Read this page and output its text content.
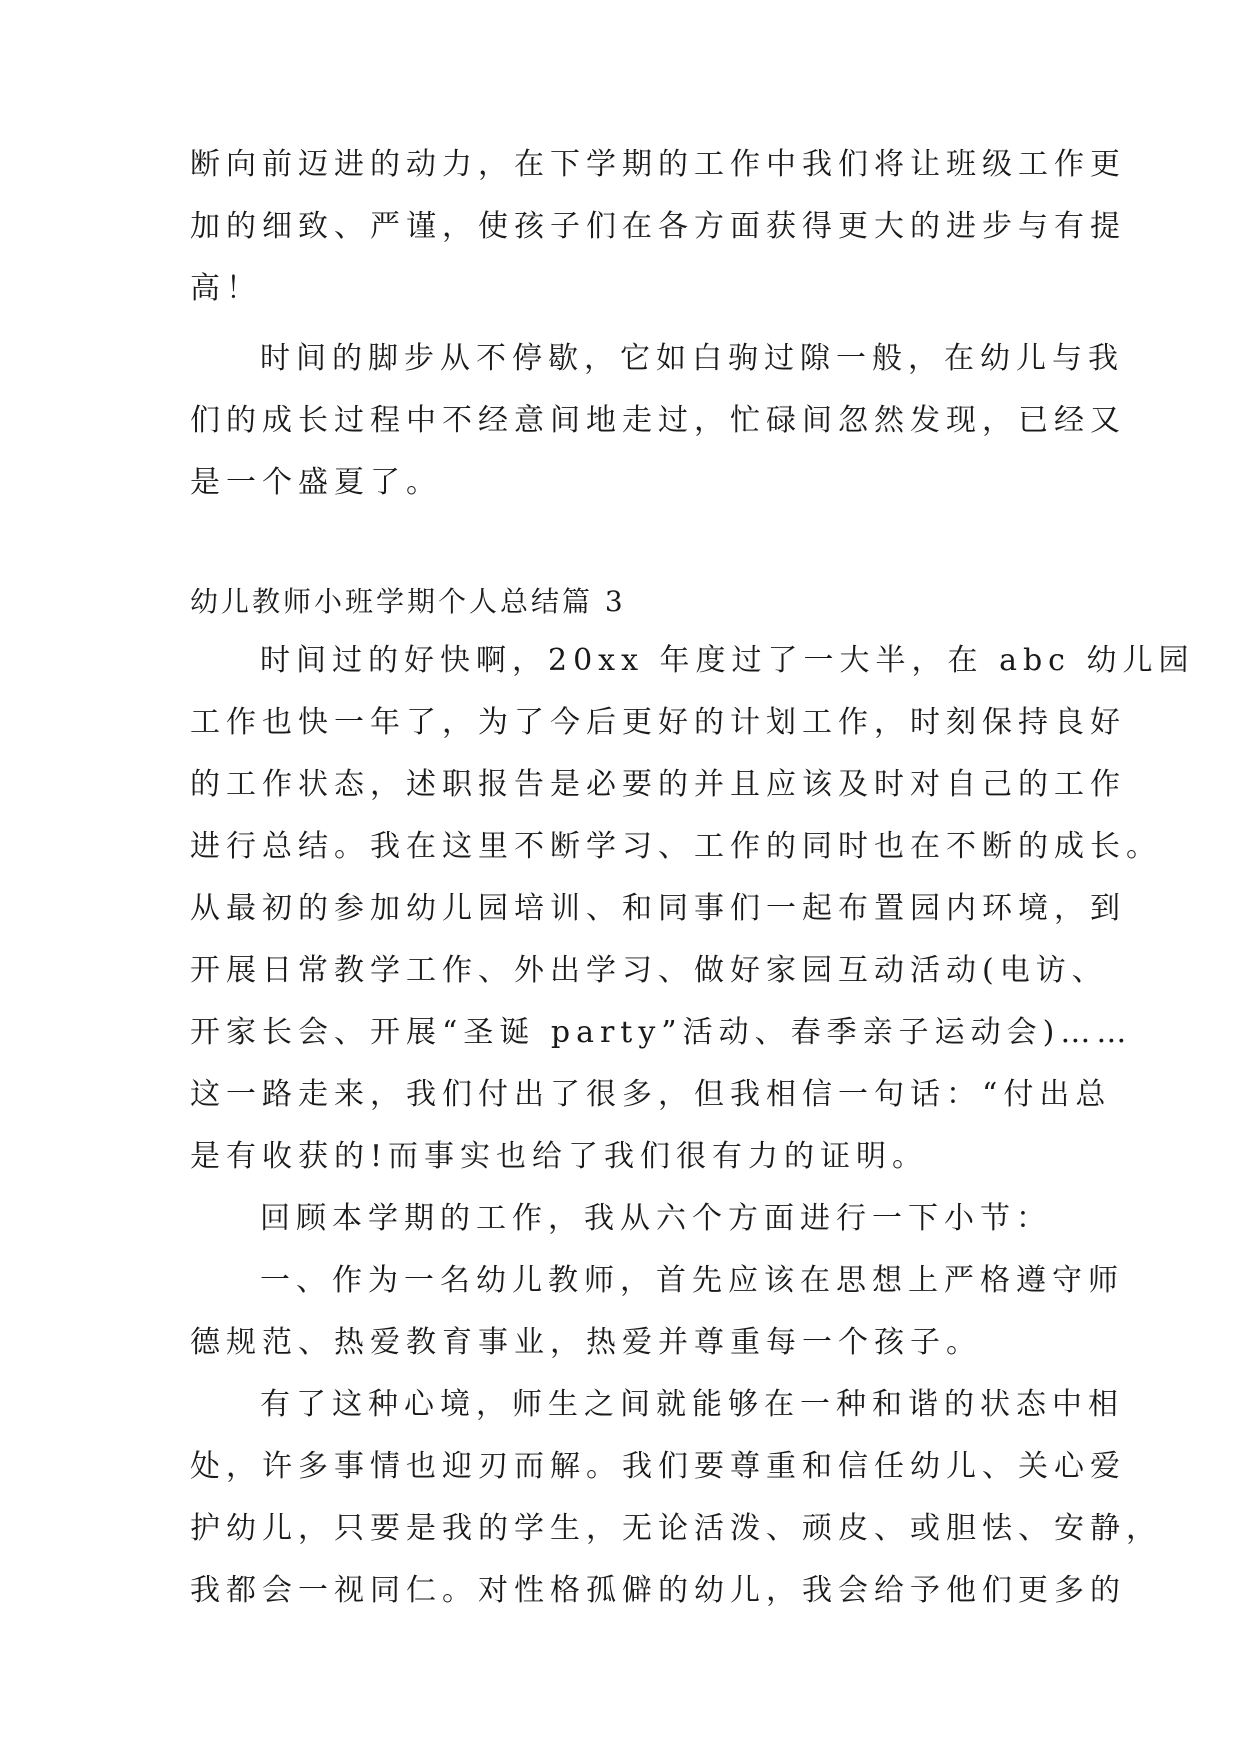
断向前迈进的动力，在下学期的工作中我们将让班级工作更
加的细致、严谨，使孩子们在各方面获得更大的进步与有提
高！
时间的脚步从不停歇，它如白驹过隙一般，在幼儿与我
们的成长过程中不经意间地走过，忙碌间忽然发现，已经又
是一个盛夏了。
幼儿教师小班学期个人总结篇 3
时间过的好快啊，20xx 年度过了一大半，在 abc 幼儿园
工作也快一年了，为了今后更好的计划工作，时刻保持良好
的工作状态，述职报告是必要的并且应该及时对自己的工作
进行总结。我在这里不断学习、工作的同时也在不断的成长。
从最初的参加幼儿园培训、和同事们一起布置园内环境，到
开展日常教学工作、外出学习、做好家园互动活动(电访、
开家长会、开展“圣诞 party”活动、春季亲子运动会)……
这一路走来，我们付出了很多，但我相信一句话：“付出总
是有收获的!而事实也给了我们很有力的证明。
回顾本学期的工作，我从六个方面进行一下小节：
一、作为一名幼儿教师，首先应该在思想上严格遵守师
德规范、热爱教育事业，热爱并尊重每一个孩子。
有了这种心境，师生之间就能够在一种和谐的状态中相
处，许多事情也迎刃而解。我们要尊重和信任幼儿、关心爱
护幼儿，只要是我的学生，无论活泼、顽皮、或胆怯、安静，
我都会一视同仁。对性格孤僻的幼儿，我会给予他们更多的
